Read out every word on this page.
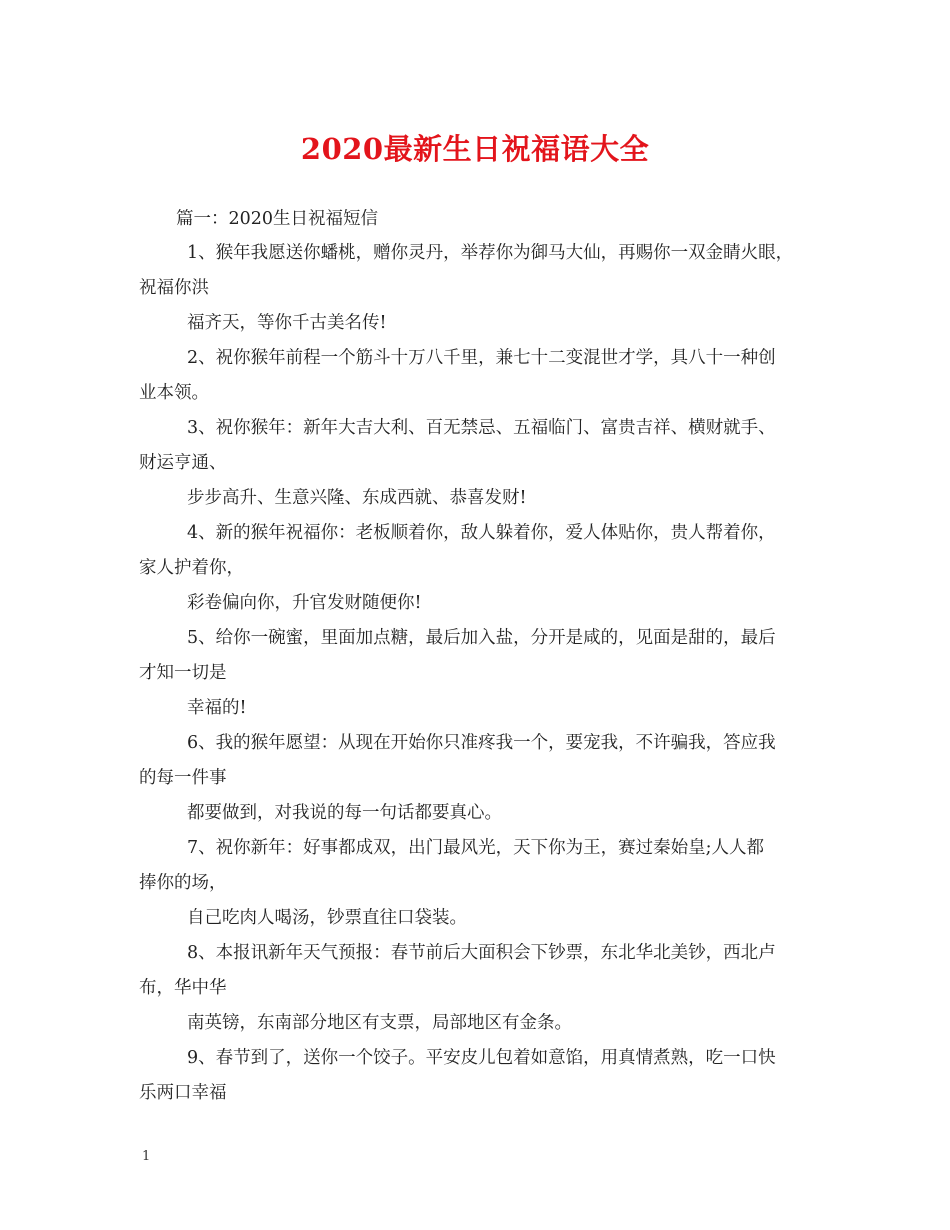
2020最新生日祝福语大全
篇一：2020生日祝福短信
1、猴年我愿送你蟠桃，赠你灵丹，举荐你为御马大仙，再赐你一双金睛火眼，
祝福你洪
福齐天，等你千古美名传!
2、祝你猴年前程一个筋斗十万八千里，兼七十二变混世才学，具八十一种创
业本领。
3、祝你猴年：新年大吉大利、百无禁忌、五福临门、富贵吉祥、横财就手、
财运亨通、
步步高升、生意兴隆、东成西就、恭喜发财!
4、新的猴年祝福你：老板顺着你，敌人躲着你，爱人体贴你，贵人帮着你，
家人护着你，
彩卷偏向你，升官发财随便你!
5、给你一碗蜜，里面加点糖，最后加入盐，分开是咸的，见面是甜的，最后
才知一切是
幸福的!
6、我的猴年愿望：从现在开始你只准疼我一个，要宠我，不许骗我，答应我
的每一件事
都要做到，对我说的每一句话都要真心。
7、祝你新年：好事都成双，出门最风光，天下你为王，赛过秦始皇;人人都
捧你的场，
自己吃肉人喝汤，钞票直往口袋装。
8、本报讯新年天气预报：春节前后大面积会下钞票，东北华北美钞，西北卢
布，华中华
南英镑，东南部分地区有支票，局部地区有金条。
9、春节到了，送你一个饺子。平安皮儿包着如意馅，用真情煮熟，吃一口快
乐两口幸福
1
